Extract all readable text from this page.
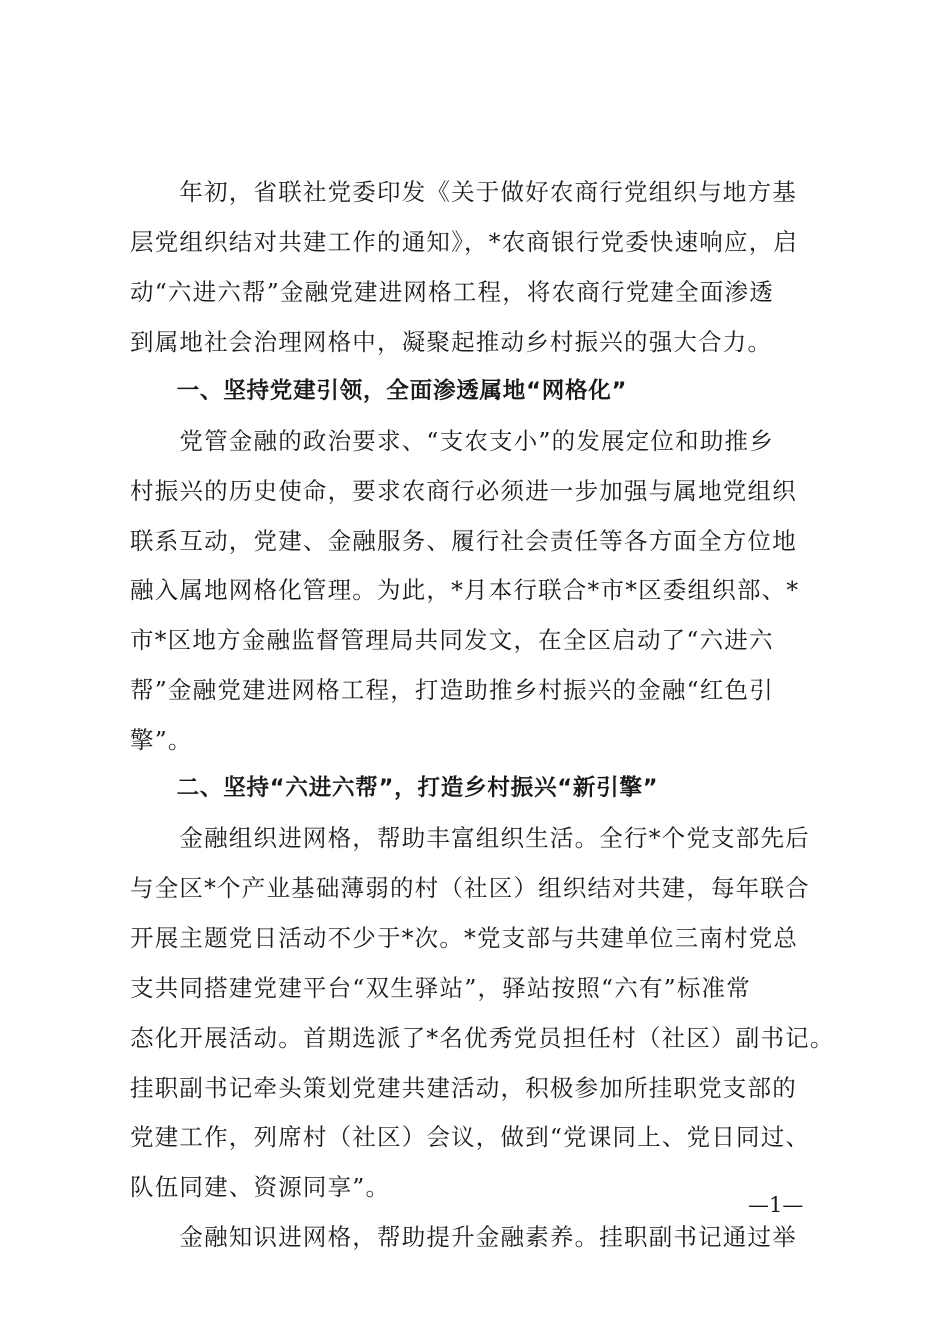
　　年初，省联社党委印发《关于做好农商行党组织与地方基

层党组织结对共建工作的通知》，*农商银行党委快速响应，启

动“六进六帮”金融党建进网格工程，将农商行党建全面渗透

到属地社会治理网格中，凝聚起推动乡村振兴的强大合力。

　　一、坚持党建引领，全面渗透属地“网格化”

　　党管金融的政治要求、“支农支小”的发展定位和助推乡

村振兴的历史使命，要求农商行必须进一步加强与属地党组织

联系互动，党建、金融服务、履行社会责任等各方面全方位地

融入属地网格化管理。为此，*月本行联合*市*区委组织部、*

市*区地方金融监督管理局共同发文，在全区启动了“六进六

帮”金融党建进网格工程，打造助推乡村振兴的金融“红色引

擎”。

　　二、坚持“六进六帮”，打造乡村振兴“新引擎”

　　金融组织进网格，帮助丰富组织生活。全行*个党支部先后

与全区*个产业基础薄弱的村（社区）组织结对共建，每年联合

开展主题党日活动不少于*次。*党支部与共建单位三南村党总

支共同搭建党建平台“双生驿站”，驿站按照“六有”标准常

态化开展活动。首期选派了*名优秀党员担任村（社区）副书记。

挂职副书记牵头策划党建共建活动，积极参加所挂职党支部的

党建工作，列席村（社区）会议，做到“党课同上、党日同过、

队伍同建、资源同享”。

　　金融知识进网格，帮助提升金融素养。挂职副书记通过举

—1—
